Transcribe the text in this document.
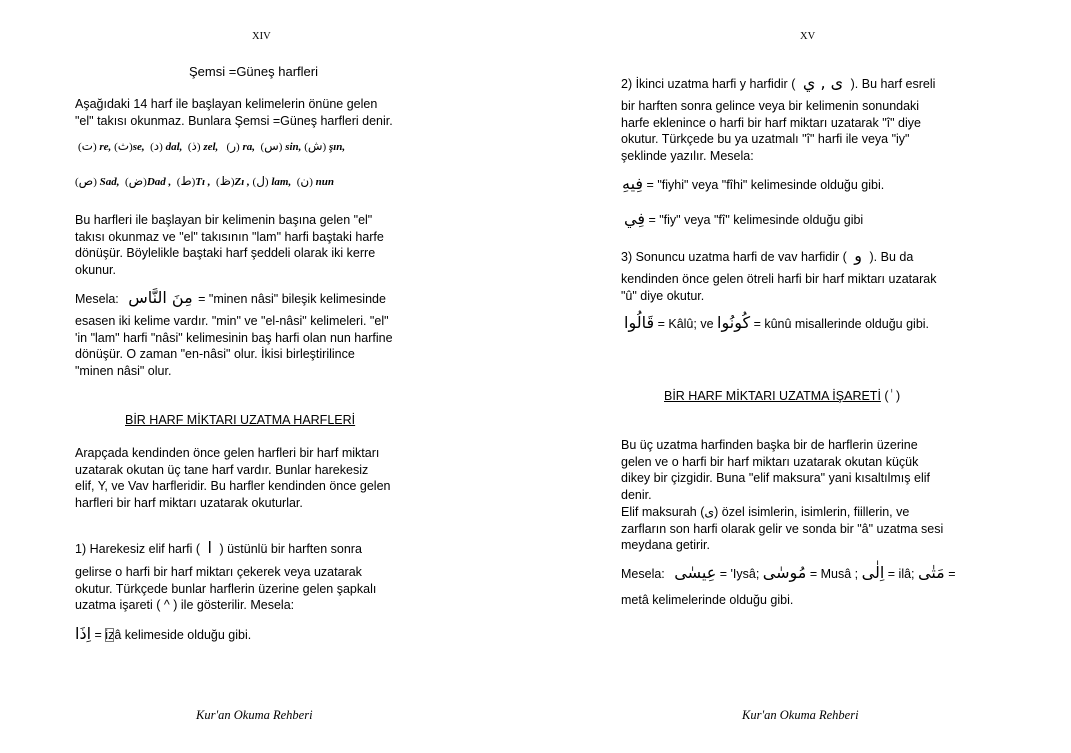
XIV
Şemsi =Güneş harfleri
Aşağıdaki 14 harf ile başlayan kelimelerin önüne gelen
"el" takısı okunmaz. Bunlara Şemsi =Güneş harfleri denir.
(ت) re, (ث)se,  (د) dal,  (ذ) zel,   (ر) ra,  (س) sin, (ش) şın,
(ص) Sad,  (ض)Dad ,  (ط)Tı ,  (ظ)Zı , (ل) lam,  (ن) nun
Bu harfleri ile başlayan bir kelimenin başına gelen "el"
takısı okunmaz ve "el" takısının "lam" harfi baştaki harfe
dönüşür. Böylelikle baştaki harf şeddeli olarak iki kerre
okunur.
Mesela: مِنَ النَّاس = "minen nâsi" bileşik kelimesinde
esasen iki kelime vardır. "min" ve "el-nâsi" kelimeleri. "el"
'in "lam" harfi "nâsi" kelimesinin baş harfi olan nun harfine
dönüşür. O zaman "en-nâsi" olur. İkisi birleştirilince
"minen nâsi" olur.
BİR HARF MİKTARI UZATMA HARFLERİ
Arapçada kendinden önce gelen harfleri bir harf miktarı
uzatarak okutan üç tane harf vardır. Bunlar harekesiz
elif, Y, ve Vav harfleridir. Bu harfler kendinden önce gelen
harfleri bir harf miktarı uzatarak okuturlar.
1) Harekesiz elif harfi ( ا ) üstünlü bir harften sonra
gelirse o harfi bir harf miktarı çekerek veya uzatarak
okutur. Türkçede bunlar harflerin üzerine gelen şapkalı
uzatma işareti ( ^ ) ile gösterilir. Mesela:
اِذَا = izâ kelimeside olduğu gibi.
Kur'an Okuma Rehberi
XV
2) İkinci uzatma harfi y harfidir ( ى , ي ). Bu harf esreli
bir harften sonra gelince veya bir kelimenin sonundaki
harfe eklenince o harfi bir harf miktarı uzatarak "î" diye
okutur. Türkçede bu ya uzatmalı "î" harfi ile veya "iy"
şeklinde yazılır. Mesela:
فِيهِ = "fiyhi" veya "fîhi" kelimesinde olduğu gibi.
فِي = "fiy" veya "fî" kelimesinde olduğu gibi
3) Sonuncu uzatma harfi de vav harfidir ( و ). Bu da
kendinden önce gelen ötreli harfi bir harf miktarı uzatarak
"û" diye okutur.
قَالُوا = Kâlû; ve كُونُوا = kûnû misallerinde olduğu gibi.
BİR HARF MİKTARI UZATMA İŞARETİ ( ٰ )
Bu üç uzatma harfinden başka bir de harflerin üzerine
gelen ve o harfi bir harf miktarı uzatarak okutan küçük
dikey bir çizgidir. Buna "elif maksura" yani kısaltılmış elif
denir.
Elif maksurah (ى) özel isimlerin, isimlerin, fiillerin, ve
zarfların son harfi olarak gelir ve sonda bir "â" uzatma sesi
meydana getirir.
Mesela: عِيسٰى = 'Iysâ; مُوسٰى = Musâ ; اِلٰى = ilâ; مَتٰى =
metâ kelimelerinde olduğu gibi.
Kur'an Okuma Rehberi
